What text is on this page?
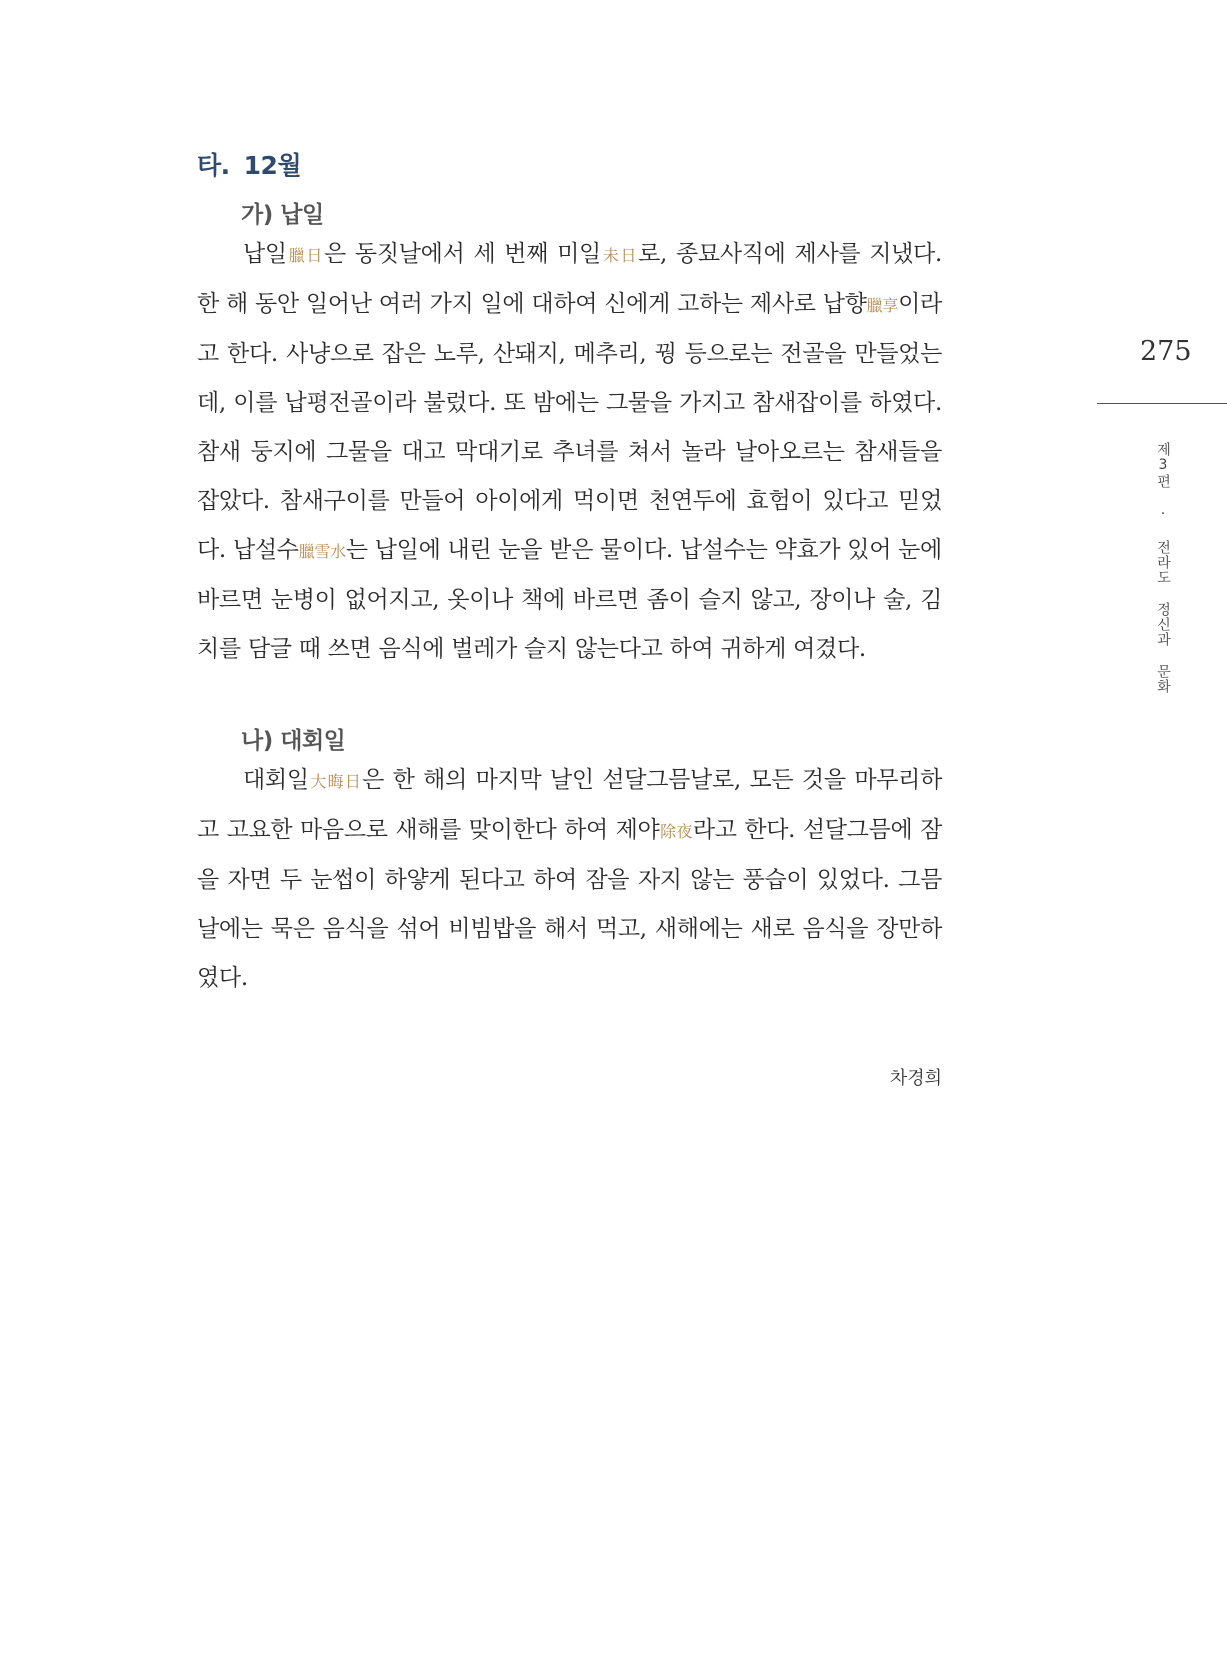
타. 12월
가) 납일
납일臘日은 동짓날에서 세 번째 미일未日로, 종묘사직에 제사를 지냈다. 한 해 동안 일어난 여러 가지 일에 대하여 신에게 고하는 제사로 납향臘享이라고 한다. 사냥으로 잡은 노루, 산돼지, 메추리, 꿩 등으로는 전골을 만들었는데, 이를 납평전골이라 불렀다. 또 밤에는 그물을 가지고 참새잡이를 하였다. 참새 둥지에 그물을 대고 막대기로 추녀를 쳐서 놀라 날아오르는 참새들을 잡았다. 참새구이를 만들어 아이에게 먹이면 천연두에 효험이 있다고 믿었다. 납설수臘雪水는 납일에 내린 눈을 받은 물이다. 납설수는 약효가 있어 눈에 바르면 눈병이 없어지고, 옷이나 책에 바르면 좀이 슬지 않고, 장이나 술, 김치를 담글 때 쓰면 음식에 벌레가 슬지 않는다고 하여 귀하게 여겼다.
나) 대회일
대회일大晦日은 한 해의 마지막 날인 섣달그믐날로, 모든 것을 마무리하고 고요한 마음으로 새해를 맞이한다 하여 제야除夜라고 한다. 섣달그믐에 잠을 자면 두 눈썹이 하얗게 된다고 하여 잠을 자지 않는 풍습이 있었다. 그믐날에는 묵은 음식을 섞어 비빔밥을 해서 먹고, 새해에는 새로 음식을 장만하였다.
차경희
275
제3편 · 전라도 정신과 문화
